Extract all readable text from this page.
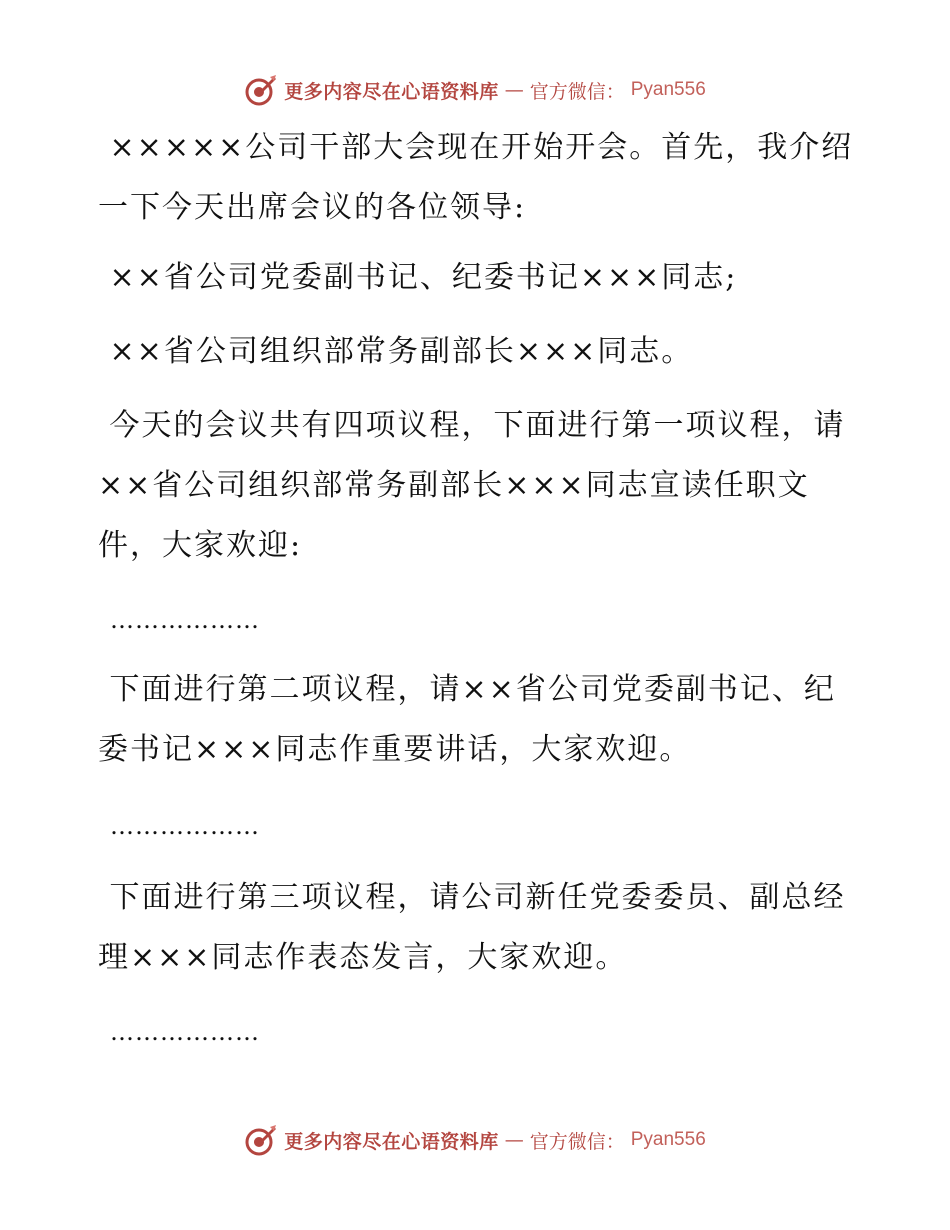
更多内容尽在心语资料库 — 官方微信： Pyan556

×××××公司干部大会现在开始开会。首先，我介绍一下今天出席会议的各位领导:

××省公司党委副书记、纪委书记×××同志;

××省公司组织部常务副部长×××同志。

今天的会议共有四项议程，下面进行第一项议程，请××省公司组织部常务副部长×××同志宣读任职文件，大家欢迎:

………………

下面进行第二项议程，请××省公司党委副书记、纪委书记×××同志作重要讲话，大家欢迎。

………………

下面进行第三项议程，请公司新任党委委员、副总经理×××同志作表态发言，大家欢迎。

………………
更多内容尽在心语资料库 — 官方微信： Pyan556
